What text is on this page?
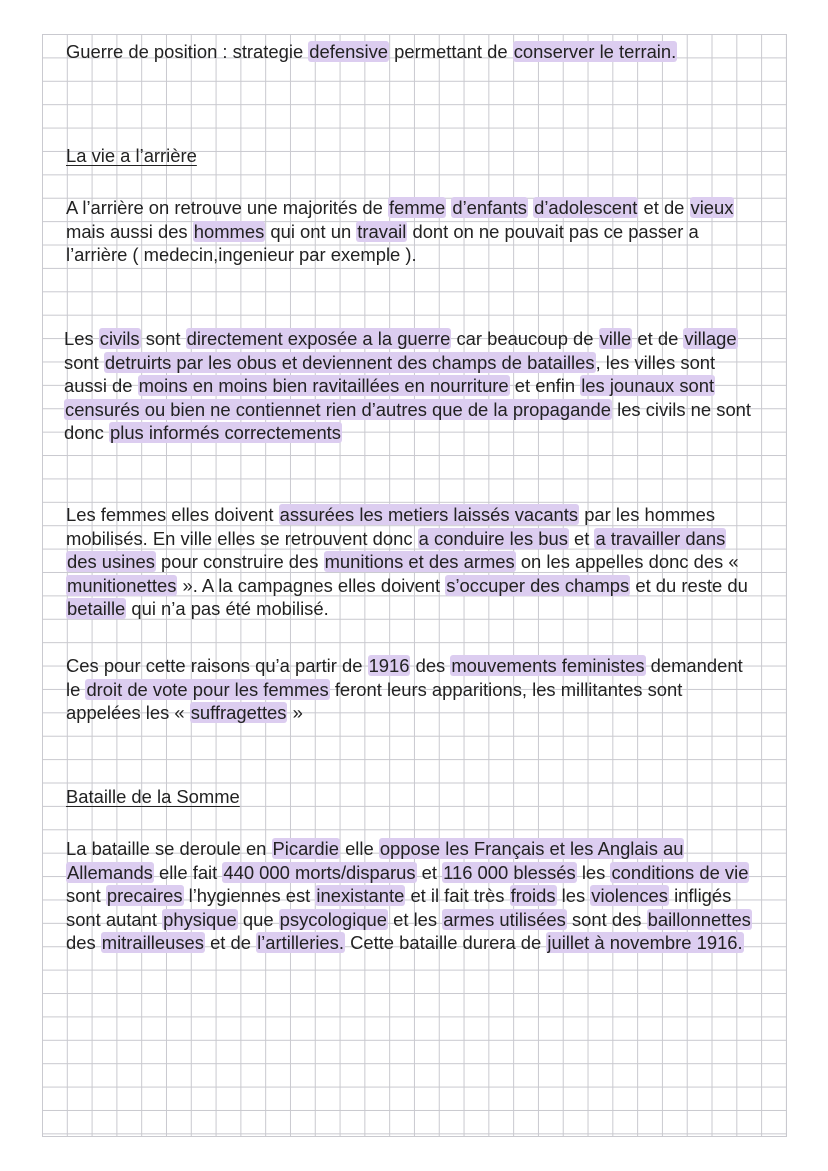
Guerre de position : strategie defensive permettant de conserver le terrain.
La vie a l’arrière
A l’arrière on retrouve une majorités de femme d’enfants d’adolescent et de vieux mais aussi des hommes qui ont un travail dont on ne pouvait pas ce passer a l’arrière ( medecin,ingenieur par exemple ).
Les civils sont directement exposée a la guerre car beaucoup de ville et de village sont detruirts par les obus et deviennent des champs de batailles, les villes sont aussi de moins en moins bien ravitaillées en nourriture et enfin les jounaux sont censurés ou bien ne contiennet rien d’autres que de la propagande les civils ne sont donc plus informés correctements
Les femmes elles doivent assurées les metiers laissés vacants par les hommes mobilisés. En ville elles se retrouvent donc a conduire les bus et a travailler dans des usines pour construire des munitions et des armes on les appelles donc des « munitionettes ». A la campagnes elles doivent s’occuper des champs et du reste du betaille qui n’a pas été mobilisé.
Ces pour cette raisons qu’a partir de 1916 des mouvements feministes demandent le droit de vote pour les femmes feront leurs apparitions, les millitantes sont appelées les « suffragettes »
Bataille de la Somme
La bataille se deroule en Picardie elle oppose les Français et les Anglais au Allemands elle fait 440 000 morts/disparus et 116 000 blessés les conditions de vie sont precaires l’hygiennes est inexistante et il fait très froids les violences infligés sont autant physique que psycologique et les armes utilisées sont des baillonnettes des mitrailleuses et de l’artilleries. Cette bataille durera de juillet à novembre 1916.
